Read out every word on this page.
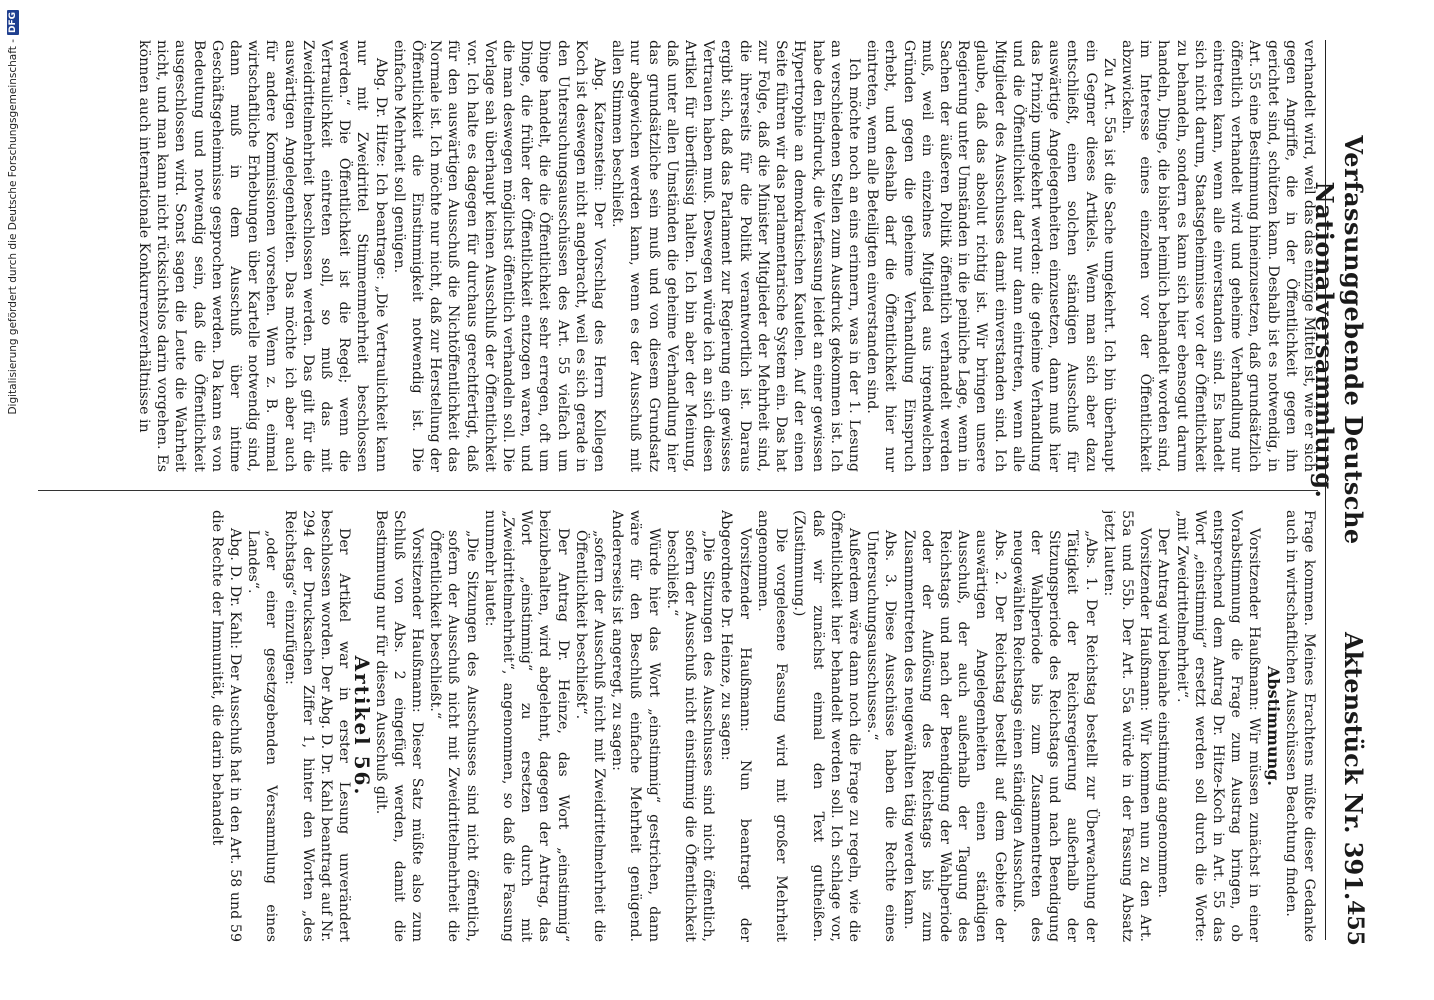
Verfassunggebende Deutsche Nationalversammlung.
Aktenstück Nr. 391.
455

verhandelt wird, weil das das einzige Mittel ist, wie er sich gegen Angriffe, die in der Öffentlichkeit gegen ihn gerichtet sind, schützen kann. Deshalb ist es notwendig, in Art. 55 eine Bestimmung hineinzusetzen, daß grundsätzlich öffentlich verhandelt wird und geheime Verhandlung nur eintreten kann, wenn alle einverstanden sind. Es handelt sich nicht darum, Staatsgeheimnisse vor der Öffentlichkeit zu behandeln, sondern es kann sich hier ebensogut darum handeln, Dinge, die bisher heimlich behandelt worden sind, im Interesse eines einzelnen vor der Öffentlichkeit abzuwickeln.

Zu Art. 55a ist die Sache umgekehrt. Ich bin überhaupt ein Gegner dieses Artikels. Wenn man sich aber dazu entschließt, einen solchen ständigen Ausschuß für auswärtige Angelegenheiten einzusetzen, dann muß hier das Prinzip umgekehrt werden: die geheime Verhandlung und die Öffentlichkeit darf nur dann eintreten, wenn alle Mitglieder des Ausschusses damit einverstanden sind. Ich glaube, daß das absolut richtig ist. Wir bringen unsere Regierung unter Umständen in die peinliche Lage, wenn in Sachen der äußeren Politik öffentlich verhandelt werden muß, weil ein einzelnes Mitglied aus irgendwelchen Gründen gegen die geheime Verhandlung Einspruch erhebt, und deshalb darf die Öffentlichkeit hier nur eintreten, wenn alle Beteiligten einverstanden sind.

Ich möchte noch an eins erinnern, was in der 1. Lesung an verschiedenen Stellen zum Ausdruck gekommen ist. Ich habe den Eindruck, die Verfassung leidet an einer gewissen Hypertrophie an demokratischen Kautelen. Auf der einen Seite führen wir das parlamentarische System ein. Das hat zur Folge, daß die Minister Mitglieder der Mehrheit sind, die ihrerseits für die Politik verantwortlich ist. Daraus ergibt sich, daß das Parlament zur Regierung ein gewisses Vertrauen haben muß. Deswegen würde ich an sich diesen Artikel für überflüssig halten. Ich bin aber der Meinung, daß unter allen Umständen die geheime Verhandlung hier das grundsätzliche sein muß und von diesem Grundsatz nur abgewichen werden kann, wenn es der Ausschuß mit allen Stimmen beschließt.

Abg. Katzenstein: Der Vorschlag des Herrn Kollegen Koch ist deswegen nicht angebracht, weil es sich gerade in den Untersuchungsausschüssen des Art. 55 vielfach um Dinge handelt, die die Öffentlichkeit sehr erregen, oft um Dinge, die früher der Öffentlichkeit entzogen waren, und die man deswegen möglichst öffentlich verhandeln soll. Die Vorlage sah überhaupt keinen Ausschluß der Öffentlichkeit vor. Ich halte es dagegen für durchaus gerechtfertigt, daß für den auswärtigen Ausschuß die Nichtöffentlichkeit das Normale ist. Ich möchte nur nicht, daß zur Herstellung der Öffentlichkeit die Einstimmigkeit notwendig ist. Die einfache Mehrheit soll genügen.

Abg. Dr. Hitze: Ich beantrage: „Die Vertraulichkeit kann nur mit Zweidrittel Stimmenmehrheit beschlossen werden.“ Die Öffentlichkeit ist die Regel; wenn die Vertraulichkeit eintreten soll, so muß das mit Zweidrittelmehrheit beschlossen werden. Das gilt für die auswärtigen Angelegenheiten. Das möchte ich aber auch für andere Kommissionen vorsehen. Wenn z. B. einmal wirtschaftliche Erhebungen über Kartelle notwendig sind, dann muß in dem Ausschuß über intime Geschäftsgeheimnisse gesprochen werden. Da kann es von Bedeutung und notwendig sein, daß die Öffentlichkeit ausgeschlossen wird. Sonst sagen die Leute die Wahrheit nicht, und man kann nicht rücksichtslos darin vorgehen. Es können auch internationale Konkurrenzverhältnisse in

Frage kommen. Meines Erachtens müßte dieser Gedanke auch in wirtschaftlichen Ausschüssen Beachtung finden.

Abstimmung.

Vorsitzender Haußmann: Wir müssen zunächst in einer Vorabstimmung die Frage zum Austrag bringen, ob entsprechend dem Antrag Dr. Hitze-Koch in Art. 55 das Wort „einstimmig“ ersetzt werden soll durch die Worte: „mit Zweidrittelmehrheit“.

Der Antrag wird beinahe einstimmig angenommen.

Vorsitzender Haußmann: Wir kommen nun zu den Art. 55a und 55b. Der Art. 55a würde in der Fassung Absatz jetzt lauten:

„Abs. 1. Der Reichstag bestellt zur Überwachung der Tätigkeit der Reichsregierung außerhalb der Sitzungsperiode des Reichstags und nach Beendigung der Wahlperiode bis zum Zusammentreten des neugewählten Reichstags einen ständigen Ausschuß.

Abs. 2. Der Reichstag bestellt auf dem Gebiete der auswärtigen Angelegenheiten einen ständigen Ausschuß, der auch außerhalb der Tagung des Reichstags und nach der Beendigung der Wahlperiode oder der Auflösung des Reichstags bis zum Zusammentreten des neugewählten tätig werden kann.

Abs. 3. Diese Ausschüsse haben die Rechte eines Untersuchungsausschusses.“

Außerdem wäre dann noch die Frage zu regeln, wie die Öffentlichkeit hier behandelt werden soll. Ich schlage vor, daß wir zunächst einmal den Text gutheißen. (Zustimmung.)

Die vorgelesene Fassung wird mit großer Mehrheit angenommen.

Vorsitzender Haußmann: Nun beantragt der Abgeordnete Dr. Heinze, zu sagen:

„Die Sitzungen des Ausschusses sind nicht öffentlich, sofern der Ausschuß nicht einstimmig die Öffentlichkeit beschließt.“

Würde hier das Wort „einstimmig“ gestrichen, dann wäre für den Beschluß einfache Mehrheit genügend. Andererseits ist angeregt, zu sagen:

„sofern der Ausschuß nicht mit Zweidrittelmehrheit die Öffentlichkeit beschließt“.

Der Antrag Dr. Heinze, das Wort „einstimmig“ beizubehalten, wird abgelehnt, dagegen der Antrag, das Wort „einstimmig“ zu ersetzen durch mit „Zweidrittelmehrheit“, angenommen, so daß die Fassung nunmehr lautet:

„Die Sitzungen des Ausschusses sind nicht öffentlich, sofern der Ausschuß nicht mit Zweidrittelmehrheit die Öffentlichkeit beschließt.“

Vorsitzender Haußmann: Dieser Satz müßte also zum Schluß von Abs. 2 eingefügt werden, damit die Bestimmung nur für diesen Ausschuß gilt.

Artikel 56.

Der Artikel war in erster Lesung unverändert beschlossen worden. Der Abg. D. Dr. Kahl beantragt auf Nr. 294 der Drucksachen Ziffer 1, hinter den Worten „des Reichstags“ einzufügen:

„oder einer gesetzgebenden Versammlung eines Landes“.

Abg. D. Dr. Kahl: Der Ausschuß hat in den Art. 58 und 59 die Rechte der Immunität, die darin behandelt

Digitalisierung gefördert durch die Deutsche Forschungsgemeinschaft -DFG
